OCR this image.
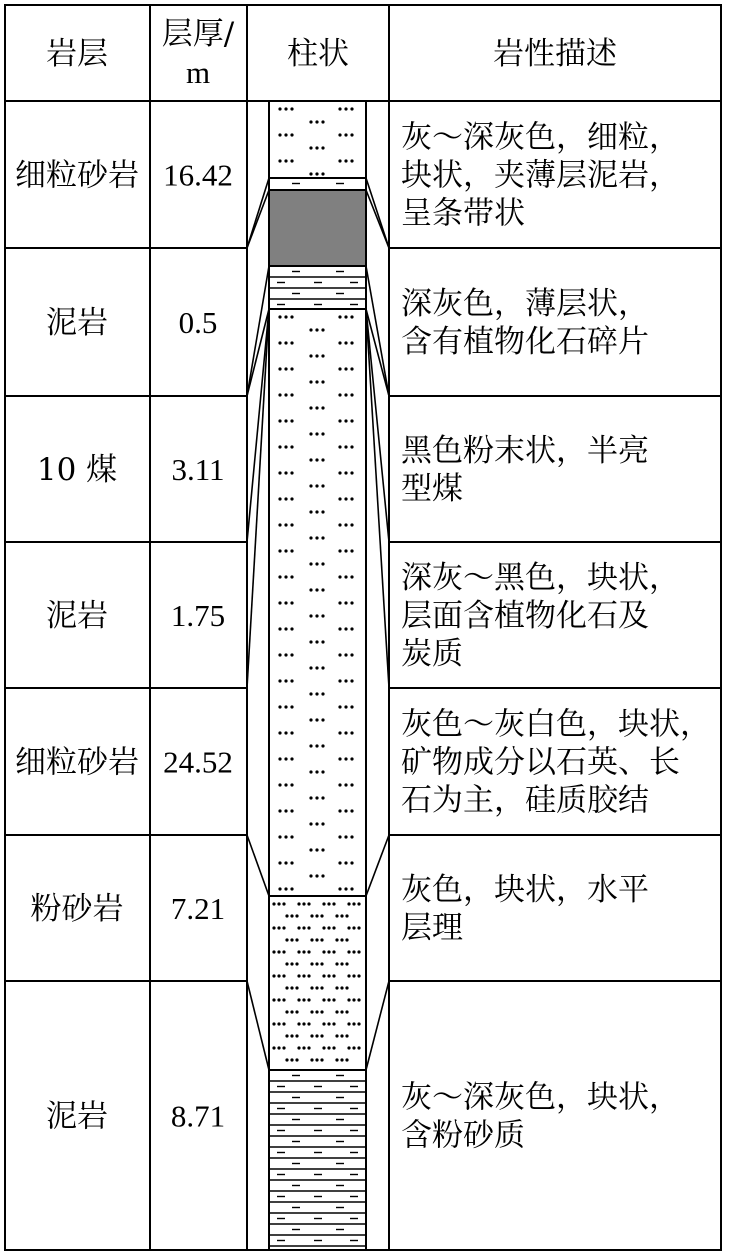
岩层
层厚/
m
柱状	岩性描述
细粒砂岩 16.42
灰～深灰色，细粒，
块状，夹薄层泥岩，
呈条带状
泥岩 0.5
深灰色，薄层状，
含有植物化石碎片
10 煤 3.11
黑色粉末状，半亮
型煤
泥岩 1.75
深灰～黑色，块状，
层面含植物化石及
炭质
细粒砂岩 24.52
灰色～灰白色，块状，
矿物成分以石英、长
石为主，硅质胶结
粉砂岩 7.21
灰色，块状，水平
层理
泥岩 8.71
灰～深灰色，块状，
含粉砂质
